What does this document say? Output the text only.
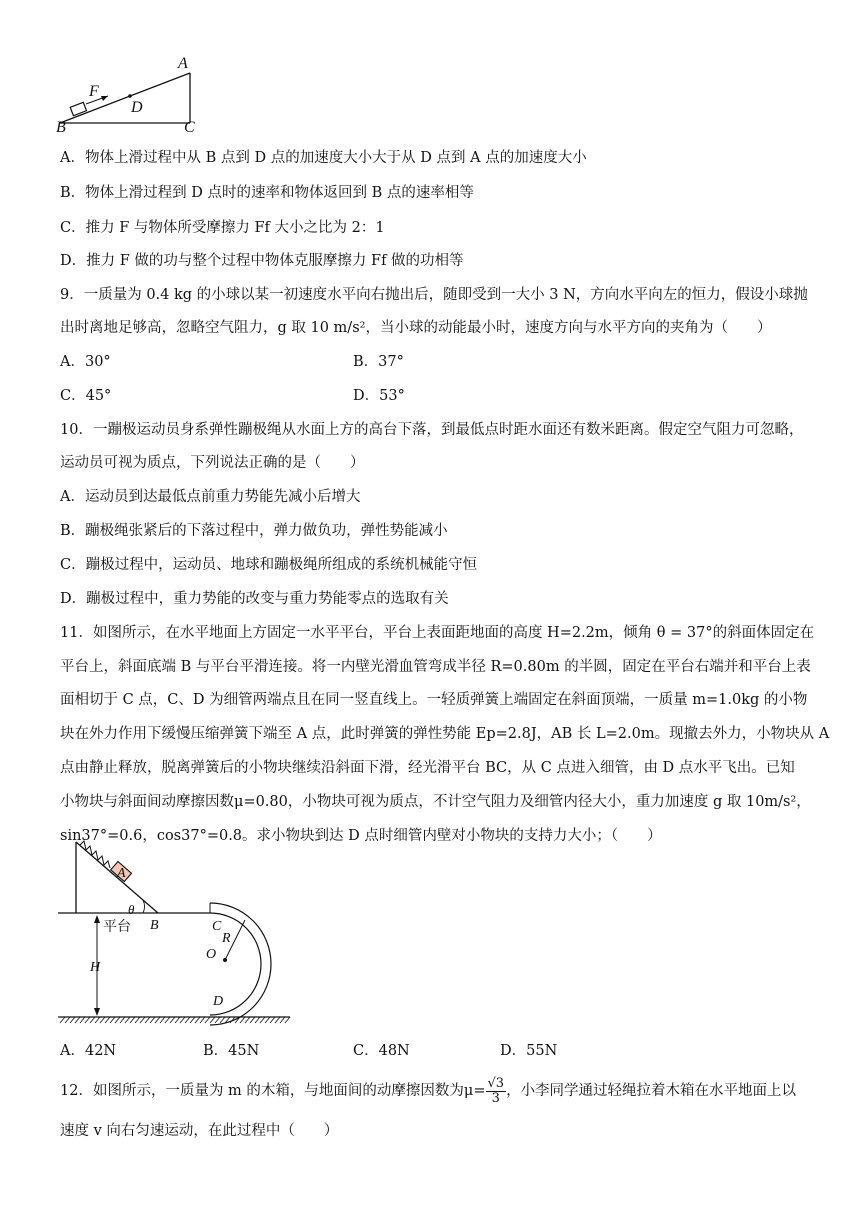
A
F
D
B	C
A．物体上滑过程中从 B 点到 D 点的加速度大小大于从 D 点到 A 点的加速度大小
B．物体上滑过程到 D 点时的速率和物体返回到 B 点的速率相等
C．推力 F 与物体所受摩擦力 Ff 大小之比为 2：1
D．推力 F 做的功与整个过程中物体克服摩擦力 Ff 做的功相等
9．一质量为 0.4 kg 的小球以某一初速度水平向右抛出后，随即受到一大小 3 N，方向水平向左的恒力，假设小球抛
出时离地足够高，忽略空气阻力，g 取 10 m/s²，当小球的动能最小时，速度方向与水平方向的夹角为（　　）
A．30°	B．37°
C．45°	D．53°
10．一蹦极运动员身系弹性蹦极绳从水面上方的高台下落，到最低点时距水面还有数米距离。假定空气阻力可忽略，
运动员可视为质点，下列说法正确的是（　　）
A．运动员到达最低点前重力势能先减小后增大
B．蹦极绳张紧后的下落过程中，弹力做负功，弹性势能减小
C．蹦极过程中，运动员、地球和蹦极绳所组成的系统机械能守恒
D．蹦极过程中，重力势能的改变与重力势能零点的选取有关
11．如图所示，在水平地面上方固定一水平平台，平台上表面距地面的高度 H=2.2m，倾角 θ = 37°的斜面体固定在
平台上，斜面底端 B 与平台平滑连接。将一内壁光滑血管弯成半径 R=0.80m 的半圆，固定在平台右端并和平台上表
面相切于 C 点，C、D 为细管两端点且在同一竖直线上。一轻质弹簧上端固定在斜面顶端，一质量 m=1.0kg 的小物
块在外力作用下缓慢压缩弹簧下端至 A 点，此时弹簧的弹性势能 Ep=2.8J，AB 长 L=2.0m。现撤去外力，小物块从 A
点由静止释放，脱离弹簧后的小物块继续沿斜面下滑，经光滑平台 BC，从 C 点进入细管，由 D 点水平飞出。已知
小物块与斜面间动摩擦因数μ=0.80，小物块可视为质点，不计空气阻力及细管内径大小，重力加速度 g 取 10m/s²，
sin37°=0.6，cos37°=0.8。求小物块到达 D 点时细管内壁对小物块的支持力大小；（　　）
A
θ
平台 B	C
R
O
H
D
A．42N	B．45N	C．48N	D．55N
12．如图所示，一质量为 m 的木箱，与地面间的动摩擦因数为$\mu= \frac{√3}{3}$ ，小李同学通过轻绳拉着木箱在水平地面上以
速度 v 向右匀速运动，在此过程中（　　）
